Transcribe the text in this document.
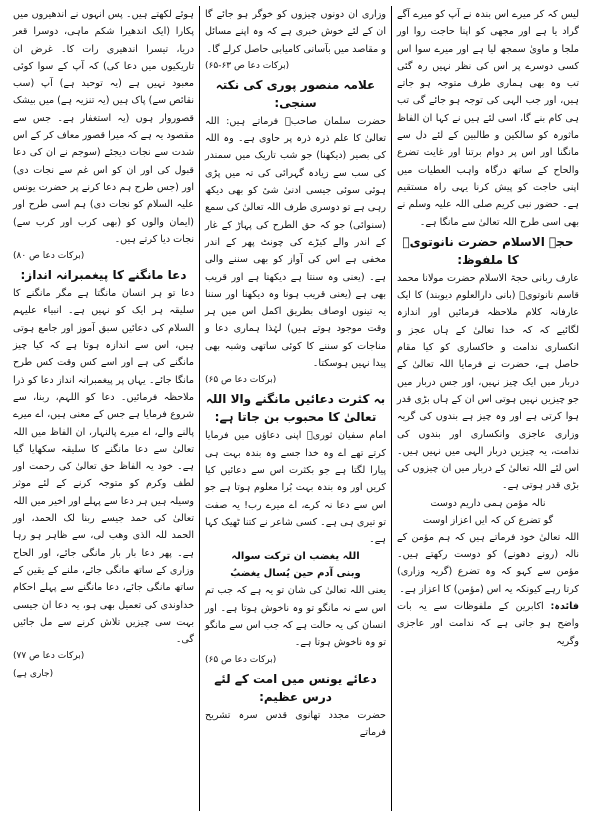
لیس کہ کر میرے اس بندہ نے آپ کو میرے آگے گراد یا ہے اور مجھی کو اپنا حاجت روا اور ملجا و ماویٰ سمجھ لیا ہے اور میرے سوا اس کسی دوسرے پر اس کی نظر نہیں رہ گئی تب وہ بھی ہماری طرف متوجہ ہو جاتے ہیں، اور جب الہی کی توجہ ہو جائے گی تب ہی کام بنے گا، اسی لئے ہیں نے کہا ان الفاظ ماثورہ کو سالکین و طالبین کے لئے دل سے مانگنا اور اس پر دوام برتنا اور غایت تضرع والحاح کے ساتھ درگاہ واہب العطیات میں اپنی حاجت کو پیش کرنا یہی راہ مستقیم ہے۔ حضور نبی کریم صلی اللہ علیہ وسلم نے بھی اسی طرح اللہ تعالیٰ سے مانگا ہے۔

حجۃ الاسلام حضرت نانوتویؒ کا ملفوظ:

عارف ربانی حجۃ الاسلام حضرت مولانا محمد قاسم نانوتویؒ (بانی دارالعلوم دیوبند) کا ایک عارفانہ کلام ملاحظہ فرمائیں اور اندازہ لگائیے کہ کہ خدا تعالیٰ کے ہاں عجز و انکساری ندامت و خاکساری کو کیا مقام حاصل ہے، حضرت نے فرمایا اللہ تعالیٰ کے دربار میں ایک چیز نہیں، اور جس دربار میں جو چیزیں نہیں ہوتی اس ان کے ہاں بڑی قدر ہوا کرتی ہے اور وہ چیز ہے بندوں کی گریہ وزاری عاجزی وانکساری اور بندوں کی ندامت، یہ چیزیں دربار الہی میں نہیں ہیں۔ اس لئے اللہ تعالیٰ کے دربار میں ان چیزوں کی بڑی قدر ہوتی ہے۔

نالہ مؤمن ہمی داریم دوست
گو تضرع کن کہ ایں اعزاز اوست

اللہ تعالیٰ خود فرماتے ہیں کہ ہم مؤمن کے نالہ (رونے دھونے) کو دوست رکھتے ہیں۔ مؤمن سے کہو کہ وہ تضرع (گریہ وزاری) کرتا رہے کیونکہ یہ اس (مؤمن) کا اعزاز ہے۔

فائدہ: اکابرین کے ملفوظات سے یہ بات واضح ہو جاتی ہے کہ ندامت اور عاجزی وگریہ

وزاری ان دونوں چیزوں کو خوگر ہو جائے گا ان کے لئے خوش خبری ہے کہ وہ اپنے مسائل و مقاصد میں بآسانی کامیابی حاصل کرلے گا۔

(برکات دعا ص ۶۳-۶۵)
علامہ منصور پوری کی نکتہ سنجی:

حضرت سلمان صاحبؒ فرماتے ہیں: اللہ تعالیٰ کا علم ذرہ ذرہ پر حاوی ہے۔ وہ اللہ کی بصیر (دیکھنا) جو شب تاریک میں سمندر کی سب سے زیادہ گہرائی کی تہ میں پڑی ہوئی سوئی جیسی ادنیٰ شیٔ کو بھی دیکھ رہی ہے تو دوسری طرف اللہ تعالیٰ کی سمع (سنوائی) جو کہ حق الطرح کی پہاڑ کے غار کے اندر والے کیڑے کی چونٹ پھر کے اندر مخفی ہے اس کی آواز کو بھی سننے والی ہے۔ (یعنی وہ سنتا ہے دیکھتا ہے اور قریب بھی ہے (یعنی قریب ہونا وہ دیکھنا اور سننا یہ تینوں اوصاف بطریق اکمل اس میں ہر وقت موجود ہوتے ہیں) لہٰذا ہماری دعا و مناجات کو سننے کا کوئی ساتھی وشبہ بھی پیدا نہیں ہوسکتا۔

(برکات دعا ص ۶۵)
بہ کثرت دعائیں مانگنے والا اللہ تعالیٰ کا محبوب بن جاتا ہے:

امام سفیان ثوریؒ اپنی دعاؤں میں فرمایا کرتے تھے اے وہ خدا جسے وہ بندہ بہت ہی پیارا لگتا ہے جو بکثرت اس سے دعائیں کیا کریں اور وہ بندہ بہت بُرا معلوم ہوتا ہے جو اس سے دعا نہ کرے، اے میرے رب! یہ صفت تو تیری ہی ہے۔ کسی شاعر نے کتنا ٹھیک کہا ہے۔

اللہ یغضب ان ترکت سوالہ
وبنی آدم حین یُسال یغضبُ

یعنی اللہ تعالیٰ کی شان تو یہ ہے کہ جب تم اس سے نہ مانگو تو وہ ناخوش ہوتا ہے۔ اور انسان کی یہ حالت ہے کہ جب اس سے مانگو تو وہ ناخوش ہوتا ہے۔

(برکات دعا ص ۶۵)
دعائے یونس میں امت کے لئے درس عظیم:

حضرت مجدد تھانوی قدس سرہ تشریح فرماتے

ہوئے لکھتے ہیں۔ پس انہوں نے اندھیروں میں پکارا (ایک اندھیرا شکم ماہی، دوسرا قعر دریا، تیسرا اندھیری رات کا۔ غرض ان تاریکیوں میں دعا کی) کہ آپ کے سوا کوئی معبود نہیں ہے (یہ توحید ہے) آپ (سب نقائص سے) پاک ہیں (یہ تنزیہ ہے) میں بیشک قصوروار ہوں (یہ استغفار ہے۔ جس سے مقصود یہ ہے کہ میرا قصور معاف کر کے اس شدت سے نجات دیجئے (سوجم نے ان کی دعا قبول کی اور ان کو اس غم سے نجات دی) اور (جس طرح ہم دعا کرنے پر حضرت یونس علیہ السلام کو نجات دی) ہم اسی طرح اور (ایمان والوں کو (بھی کرب اور کرب سے) نجات دیا کرتے ہیں۔

(برکات دعا ص ۸۰)
دعا مانگنے کا پیغمبرانہ انداز:

دعا تو ہر انسان مانگتا ہے مگر مانگنے کا سلیقہ ہر ایک کو نہیں ہے۔ انبیاء علیہم السلام کی دعائیں سبق آموز اور جامع ہوتی ہیں، اس سے اندازہ ہوتا ہے کہ کیا چیز مانگنے کی ہے اور اسے کس وقت کس طرح مانگا جائے۔ یہاں پر پیغمبرانہ انداز دعا کو ذرا ملاحظہ فرمائیں۔ دعا کو اللہم، ربنا، سے شروع فرمایا ہے جس کے معنی ہیں، اے میرے پالنے والے، اے میرے پالنہار، ان الفاظ میں اللہ تعالیٰ سے دعا مانگنے کا سلیقہ سکھایا گیا ہے۔ خود یہ الفاظ حق تعالیٰ کی رحمت اور لطف وکرم کو متوجہ کرنے کے لئے موثر وسیلہ ہیں ہر دعا سے پہلے اور اخیر میں اللہ تعالیٰ کی حمد جیسے ربنا لک الحمد، اور الحمد للہ الذی وھب لی، سے ظاہر ہو رہا ہے۔ پھر دعا بار بار مانگی جائے، اور الحاح وزاری کے ساتھ مانگی جائے، ملنے کے یقین کے ساتھ مانگی جائے، دعا مانگنے سے پہلے احکام خداوندی کی تعمیل بھی ہو، یہ دعا ان جیسی بہت سی چیزیں تلاش کرنے سے مل جائیں گی۔

(برکات دعا ص ۷۷)
(جاری ہے)
